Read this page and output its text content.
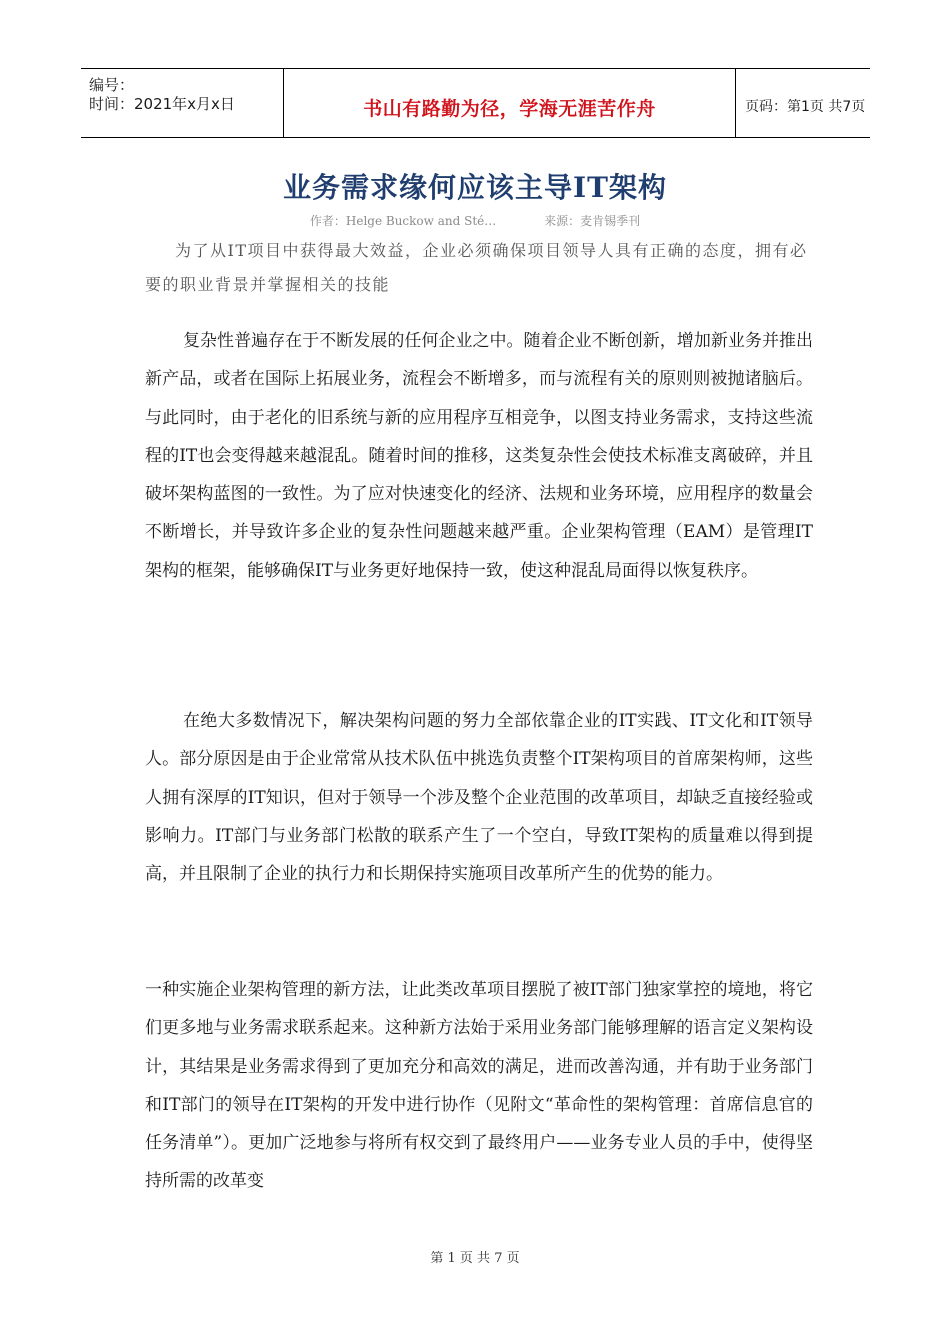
编号：
时间：2021年x月x日	书山有路勤为径，学海无涯苦作舟	页码：第1页 共7页
业务需求缘何应该主导IT架构
作者：Helge Buckow and Sté…	来源：麦肯锡季刊
为了从IT项目中获得最大效益，企业必须确保项目领导人具有正确的态度，拥有必要的职业背景并掌握相关的技能
复杂性普遍存在于不断发展的任何企业之中。随着企业不断创新，增加新业务并推出新产品，或者在国际上拓展业务，流程会不断增多，而与流程有关的原则则被抛诸脑后。与此同时，由于老化的旧系统与新的应用程序互相竞争，以图支持业务需求，支持这些流程的IT也会变得越来越混乱。随着时间的推移，这类复杂性会使技术标准支离破碎，并且破坏架构蓝图的一致性。为了应对快速变化的经济、法规和业务环境，应用程序的数量会不断增长，并导致许多企业的复杂性问题越来越严重。企业架构管理（EAM）是管理IT架构的框架，能够确保IT与业务更好地保持一致，使这种混乱局面得以恢复秩序。
在绝大多数情况下，解决架构问题的努力全部依靠企业的IT实践、IT文化和IT领导人。部分原因是由于企业常常从技术队伍中挑选负责整个IT架构项目的首席架构师，这些人拥有深厚的IT知识，但对于领导一个涉及整个企业范围的改革项目，却缺乏直接经验或影响力。IT部门与业务部门松散的联系产生了一个空白，导致IT架构的质量难以得到提高，并且限制了企业的执行力和长期保持实施项目改革所产生的优势的能力。
一种实施企业架构管理的新方法，让此类改革项目摆脱了被IT部门独家掌控的境地，将它们更多地与业务需求联系起来。这种新方法始于采用业务部门能够理解的语言定义架构设计，其结果是业务需求得到了更加充分和高效的满足，进而改善沟通，并有助于业务部门和IT部门的领导在IT架构的开发中进行协作（见附文“革命性的架构管理：首席信息官的任务清单”）。更加广泛地参与将所有权交到了最终用户——业务专业人员的手中，使得坚持所需的改革变
第 1 页 共 7 页
